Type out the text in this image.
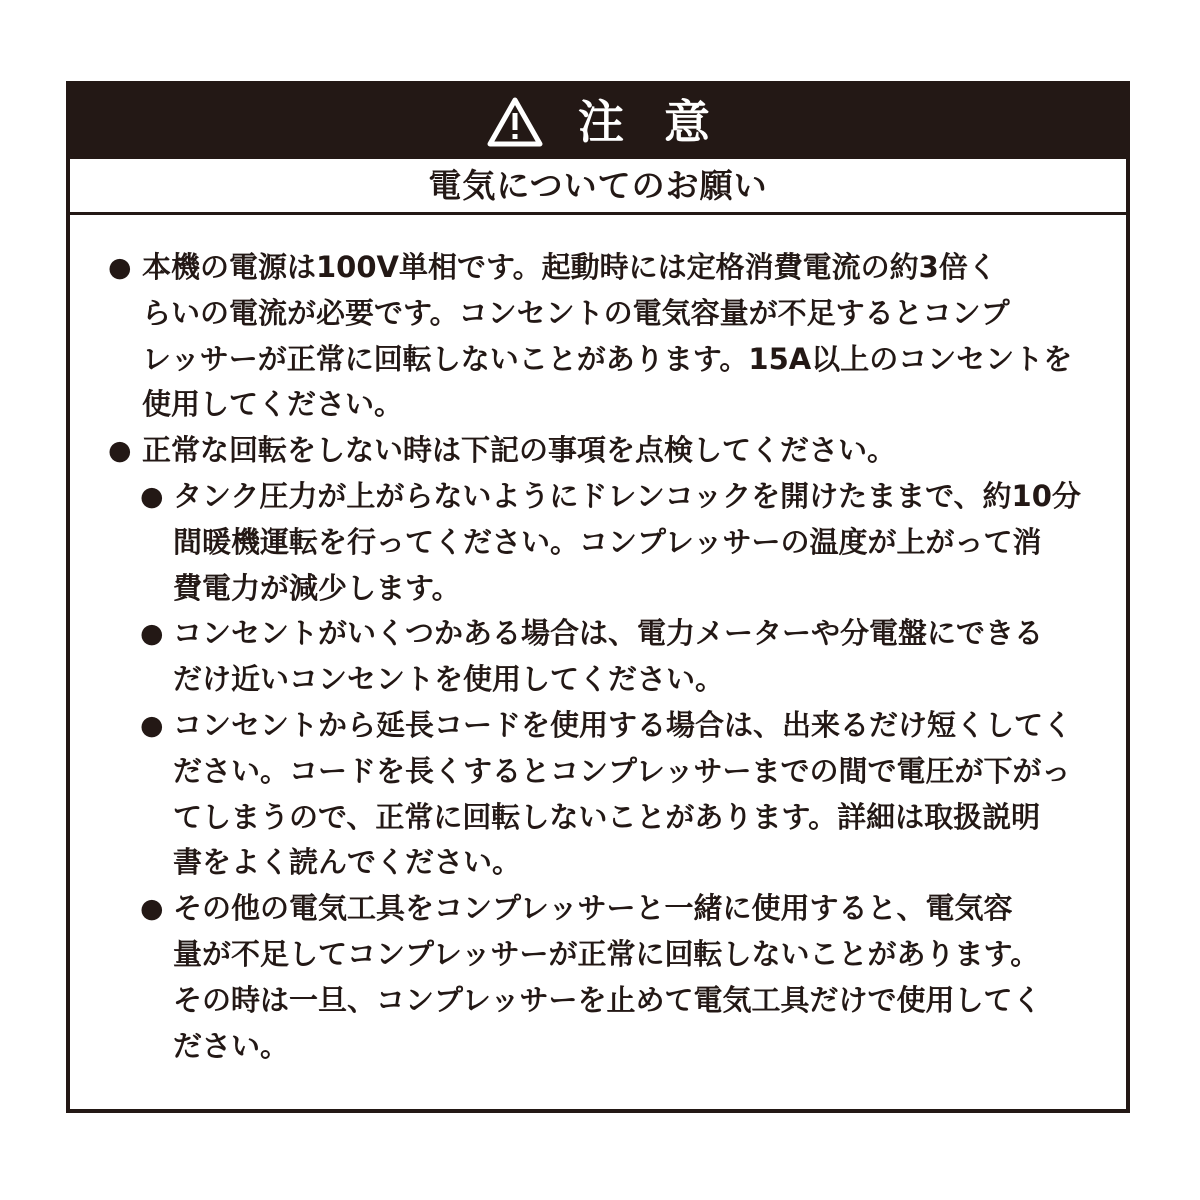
注意
電気についてのお願い
● 本機の電源は100V単相です。起動時には定格消費電流の約3倍く
らいの電流が必要です。コンセントの電気容量が不足するとコンプ
レッサーが正常に回転しないことがあります。15A以上のコンセントを
使用してください。
● 正常な回転をしない時は下記の事項を点検してください。
● タンク圧力が上がらないようにドレンコックを開けたままで、約10分
間暖機運転を行ってください。コンプレッサーの温度が上がって消
費電力が減少します。
● コンセントがいくつかある場合は、電力メーターや分電盤にできる
だけ近いコンセントを使用してください。
● コンセントから延長コードを使用する場合は、出来るだけ短くしてく
ださい。コードを長くするとコンプレッサーまでの間で電圧が下がっ
てしまうので、正常に回転しないことがあります。詳細は取扱説明
書をよく読んでください。
● その他の電気工具をコンプレッサーと一緒に使用すると、電気容
量が不足してコンプレッサーが正常に回転しないことがあります。
その時は一旦、コンプレッサーを止めて電気工具だけで使用してく
ださい。
